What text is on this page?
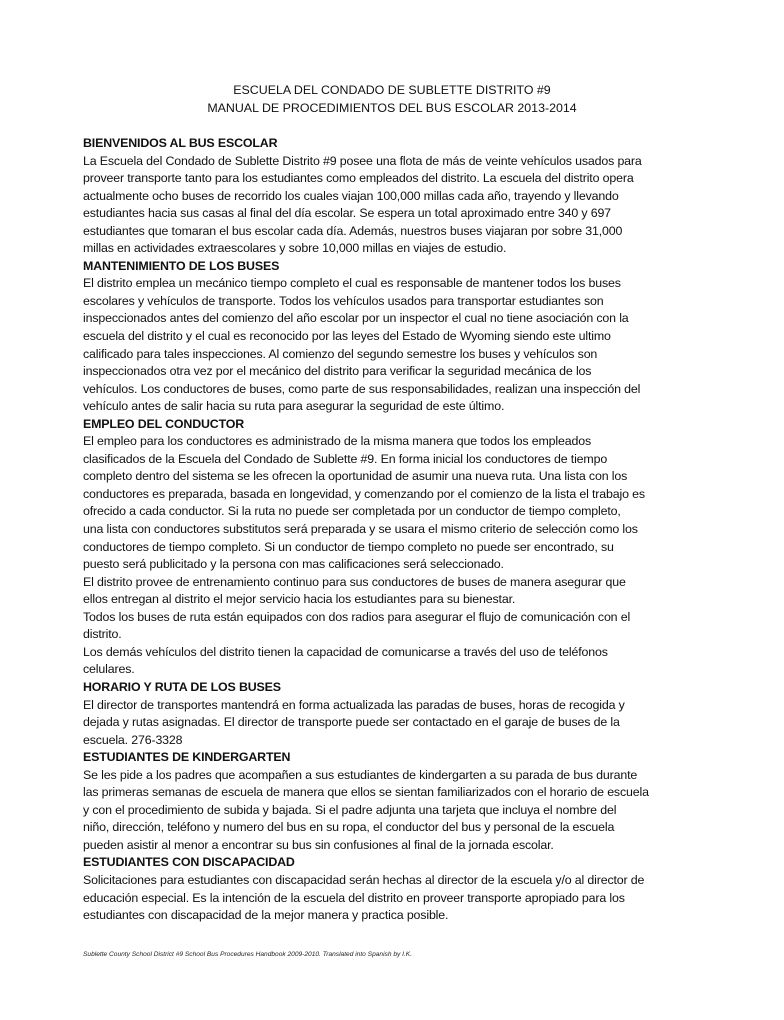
ESCUELA DEL CONDADO DE SUBLETTE DISTRITO #9
MANUAL DE PROCEDIMIENTOS DEL BUS ESCOLAR 2013-2014
BIENVENIDOS AL BUS ESCOLAR
La Escuela del Condado de Sublette Distrito #9 posee una flota de más de veinte vehículos usados para
proveer transporte tanto para los estudiantes como empleados del distrito. La escuela del distrito opera
actualmente ocho buses de recorrido los cuales viajan 100,000 millas cada año, trayendo y llevando
estudiantes hacia sus casas al final del día escolar. Se espera un total aproximado entre 340 y 697
estudiantes que tomaran el bus escolar cada día. Además, nuestros buses viajaran por sobre 31,000
millas en actividades extraescolares y sobre 10,000 millas en viajes de estudio.
MANTENIMIENTO DE LOS BUSES
El distrito emplea un mecánico tiempo completo el cual es responsable de mantener todos los buses
escolares y vehículos de transporte. Todos los vehículos usados para transportar estudiantes son
inspeccionados antes del comienzo del año escolar por un inspector el cual no tiene asociación con la
escuela del distrito y el cual es reconocido por las leyes del Estado de Wyoming siendo este ultimo
calificado para tales inspecciones. Al comienzo del segundo semestre los buses y vehículos son
inspeccionados otra vez por el mecánico del distrito para verificar la seguridad mecánica de los
vehículos. Los conductores de buses, como parte de sus responsabilidades, realizan una inspección del
vehículo antes de salir hacia su ruta para asegurar la seguridad de este último.
EMPLEO DEL CONDUCTOR
El empleo para los conductores es administrado de la misma manera que todos los empleados
clasificados de la Escuela del Condado de Sublette #9. En forma inicial los conductores de tiempo
completo dentro del sistema se les ofrecen la oportunidad de asumir una nueva ruta. Una lista con los
conductores es preparada, basada en longevidad, y comenzando por el comienzo de la lista el trabajo es
ofrecido a cada conductor. Si la ruta no puede ser completada por un conductor de tiempo completo,
una lista con conductores substitutos será preparada y se usara el mismo criterio de selección como los
conductores de tiempo completo. Si un conductor de tiempo completo no puede ser encontrado, su
puesto será publicitado y la persona con mas calificaciones será seleccionado.
El distrito provee de entrenamiento continuo para sus conductores de buses de manera asegurar que
ellos entregan al distrito el mejor servicio hacia los estudiantes para su bienestar.
Todos los buses de ruta están equipados con dos radios para asegurar el flujo de comunicación con el
distrito.
Los demás vehículos del distrito tienen la capacidad de comunicarse a través del uso de teléfonos
celulares.
HORARIO Y RUTA DE LOS BUSES
El director de transportes mantendrá en forma actualizada las paradas de buses, horas de recogida y
dejada y rutas asignadas. El director de transporte puede ser contactado en el garaje de buses de la
escuela. 276-3328
ESTUDIANTES DE KINDERGARTEN
Se les pide a los padres que acompañen a sus estudiantes de kindergarten a su parada de bus durante
las primeras semanas de escuela de manera que ellos se sientan familiarizados con el horario de escuela
y con el procedimiento de subida y bajada. Si el padre adjunta una tarjeta que incluya el nombre del
niño, dirección, teléfono y numero del bus en su ropa, el conductor del bus y personal de la escuela
pueden asistir al menor a encontrar su bus sin confusiones al final de la jornada escolar.
ESTUDIANTES CON DISCAPACIDAD
Solicitaciones para estudiantes con discapacidad serán hechas al director de la escuela y/o al director de
educación especial. Es la intención de la escuela del distrito en proveer transporte apropiado para los
estudiantes con discapacidad de la mejor manera y practica posible.
Sublette County School District #9 School Bus Procedures Handbook 2009-2010. Translated into Spanish by I.K.
